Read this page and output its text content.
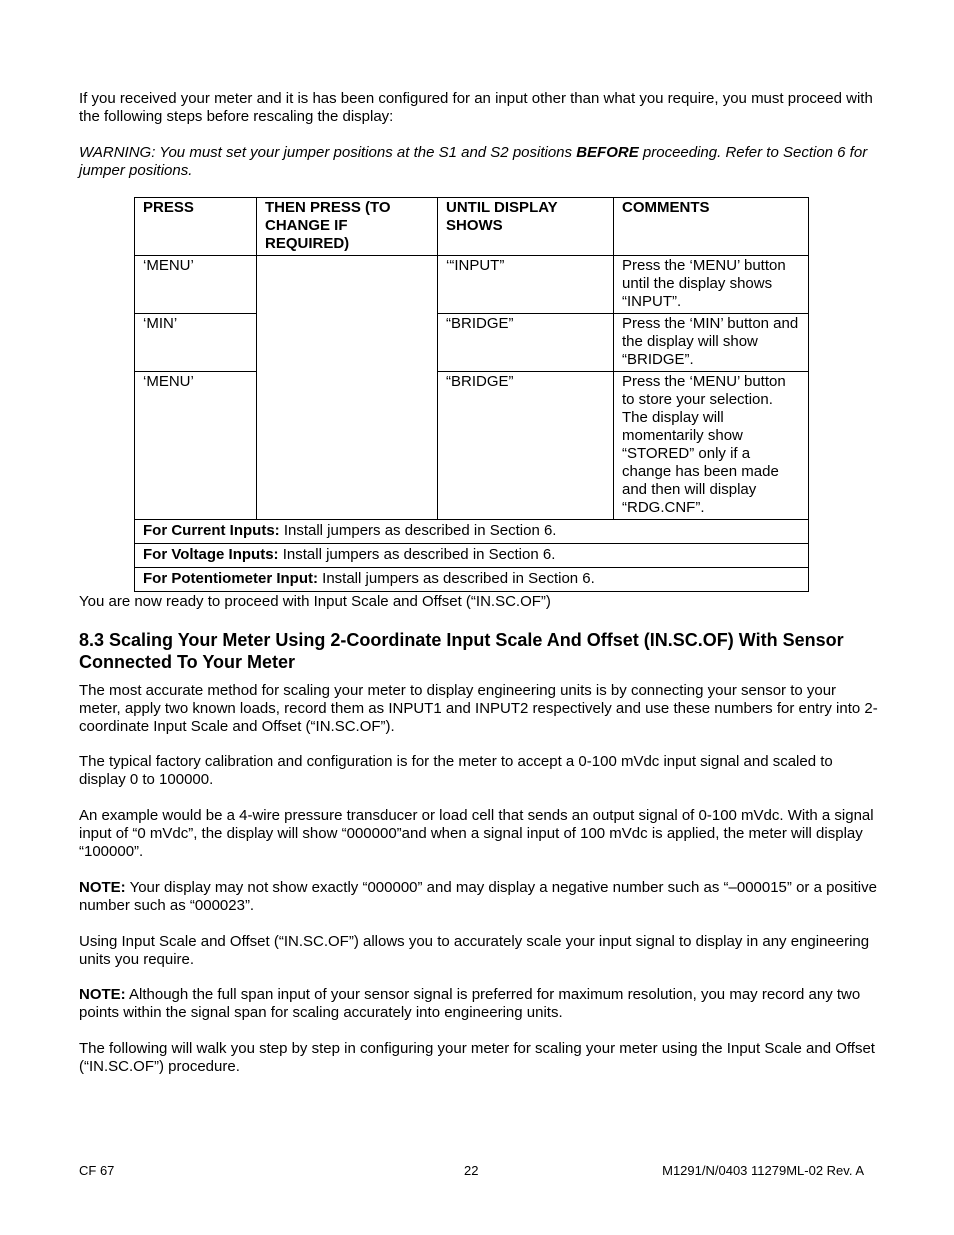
If you received your meter and it is has been configured for an input other than what you require, you must proceed with the following steps before rescaling the display:

WARNING: You must set your jumper positions at the S1 and S2 positions BEFORE proceeding. Refer to Section 6 for jumper positions.

PRESS	THEN PRESS (TO CHANGE IF REQUIRED)	UNTIL DISPLAY SHOWS	COMMENTS
‘MENU’		‘“INPUT”	Press the ‘MENU’ button until the display shows “INPUT”.
‘MIN’		“BRIDGE”	Press the ‘MIN’ button and the display will show “BRIDGE”.
‘MENU’		“BRIDGE”	Press the ‘MENU’ button to store your selection. The display will momentarily show “STORED” only if a change has been made and then will display “RDG.CNF”.
For Current Inputs: Install jumpers as described in Section 6.			
For Voltage Inputs: Install jumpers as described in Section 6.			
For Potentiometer Input: Install jumpers as described in Section 6.			

You are now ready to proceed with Input Scale and Offset (“IN.SC.OF”)

8.3 Scaling Your Meter Using 2-Coordinate Input Scale And Offset (IN.SC.OF) With Sensor Connected To Your Meter

The most accurate method for scaling your meter to display engineering units is by connecting your sensor to your meter, apply two known loads, record them as INPUT1 and INPUT2 respectively and use these numbers for entry into 2-coordinate Input Scale and Offset (“IN.SC.OF”).

The typical factory calibration and configuration is for the meter to accept a 0-100 mVdc input signal and scaled to display 0 to 100000.

An example would be a 4-wire pressure transducer or load cell that sends an output signal of 0-100 mVdc. With a signal input of “0 mVdc”, the display will show “000000”and when a signal input of 100 mVdc is applied, the meter will display “100000”.

NOTE: Your display may not show exactly “000000” and may display a negative number such as “–000015” or a positive number such as “000023”.

Using Input Scale and Offset (“IN.SC.OF”) allows you to accurately scale your input signal to display in any engineering units you require.

NOTE: Although the full span input of your sensor signal is preferred for maximum resolution, you may record any two points within the signal span for scaling accurately into engineering units.

The following will walk you step by step in configuring your meter for scaling your meter using the Input Scale and Offset (“IN.SC.OF”) procedure.

CF 67	22	M1291/N/0403 11279ML-02 Rev. A
